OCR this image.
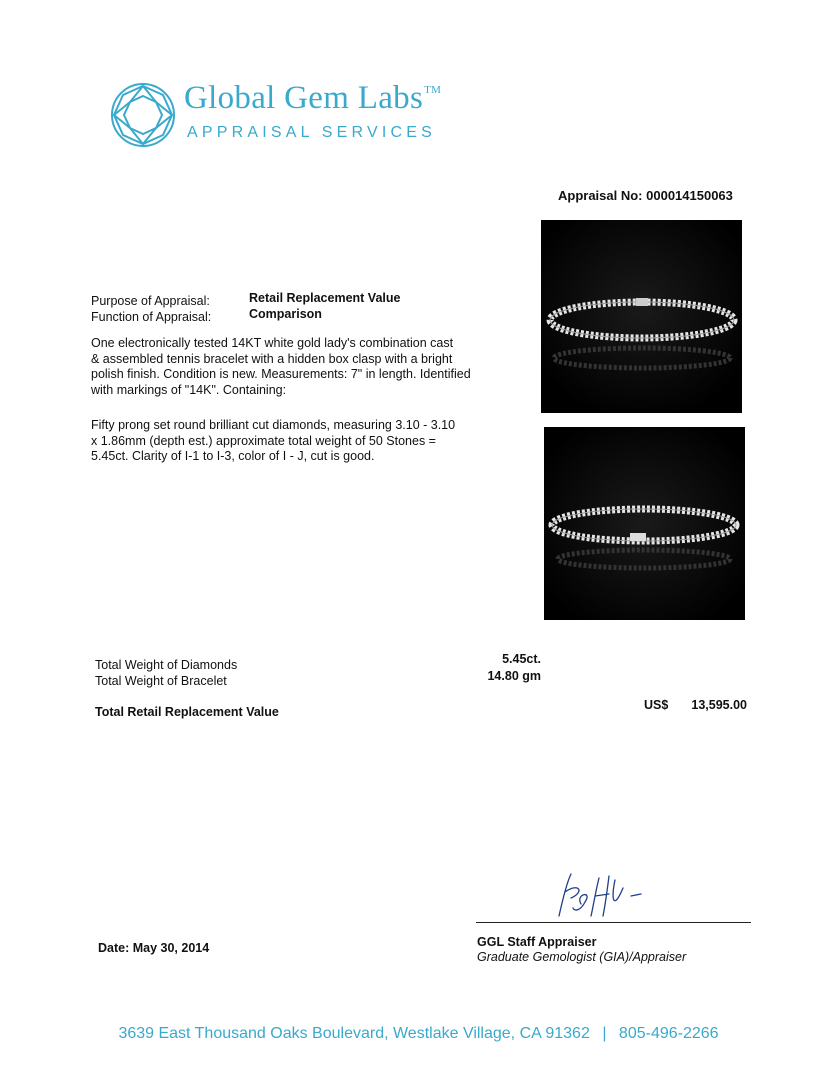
Global Gem Labs™
APPRAISAL SERVICES
Appraisal No: 000014150063
Purpose of Appraisal:	Retail Replacement Value
Function of Appraisal:	Comparison
One electronically tested 14KT white gold lady's combination cast
& assembled tennis bracelet with a hidden box clasp with a bright
polish finish. Condition is new. Measurements: 7" in length. Identified
with markings of "14K". Containing:
Fifty prong set round brilliant cut diamonds, measuring 3.10 - 3.10
x 1.86mm (depth est.) approximate total weight of 50 Stones =
5.45ct. Clarity of I-1 to I-3, color of I - J, cut is good.
Total Weight of Diamonds	5.45ct.
Total Weight of Bracelet	14.80 gm
Total Retail Replacement Value	US$	13,595.00
Date: May 30, 2014	GGL Staff Appraiser
Graduate Gemologist (GIA)/Appraiser
3639 East Thousand Oaks Boulevard, Westlake Village, CA 91362 | 805-496-2266
